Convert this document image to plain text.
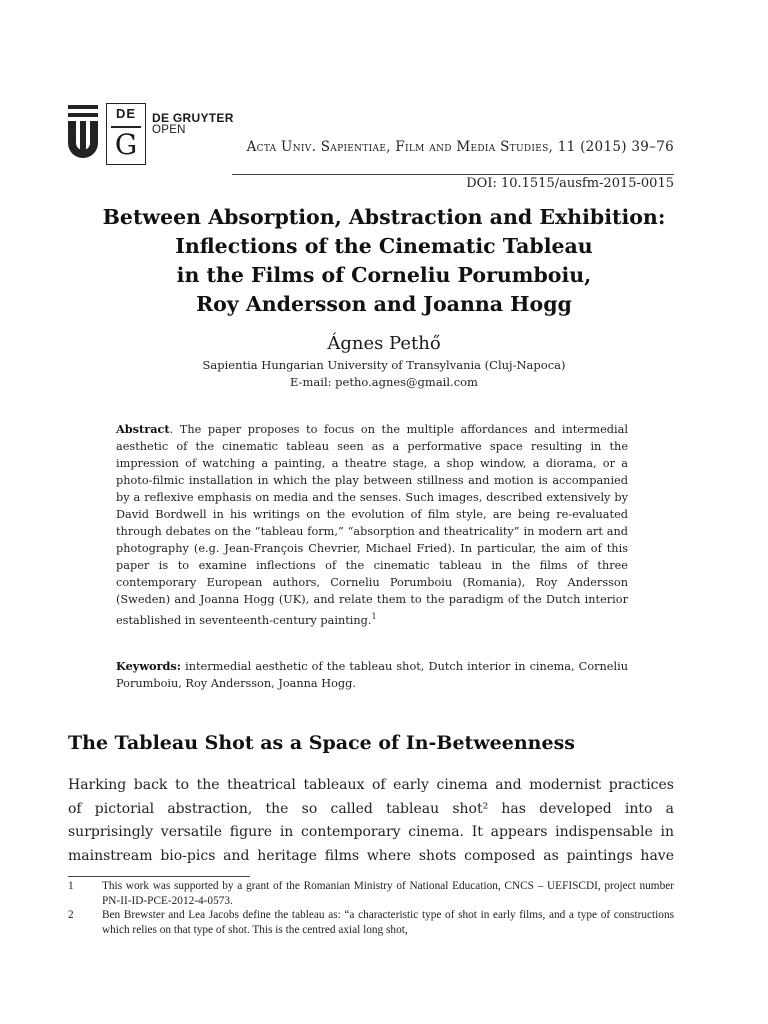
DE
G
DE GRUYTER
OPEN
Acta Univ. Sapientiae, Film and Media Studies, 11 (2015) 39–76
DOI: 10.1515/ausfm-2015-0015
Between Absorption, Abstraction and Exhibition:
Inflections of the Cinematic Tableau
in the Films of Corneliu Porumboiu,
Roy Andersson and Joanna Hogg
Ágnes Pethő
Sapientia Hungarian University of Transylvania (Cluj-Napoca)
E-mail: petho.agnes@gmail.com
Abstract. The paper proposes to focus on the multiple affordances and intermedial aesthetic of the cinematic tableau seen as a performative space resulting in the impression of watching a painting, a theatre stage, a shop window, a diorama, or a photo-filmic installation in which the play between stillness and motion is accompanied by a reflexive emphasis on media and the senses. Such images, described extensively by David Bordwell in his writings on the evolution of film style, are being re-evaluated through debates on the “tableau form,” “absorption and theatricality” in modern art and photography (e.g. Jean-François Chevrier, Michael Fried). In particular, the aim of this paper is to examine inflections of the cinematic tableau in the films of three contemporary European authors, Corneliu Porumboiu (Romania), Roy Andersson (Sweden) and Joanna Hogg (UK), and relate them to the paradigm of the Dutch interior established in seventeenth-century painting.$^1$
Keywords: intermedial aesthetic of the tableau shot, Dutch interior in cinema, Corneliu Porumboiu, Roy Andersson, Joanna Hogg.
The Tableau Shot as a Space of In-Betweenness
Harking back to the theatrical tableaux of early cinema and modernist practices
of pictorial abstraction, the so called tableau shot² has developed into a
surprisingly versatile figure in contemporary cinema. It appears indispensable in
mainstream bio-pics and heritage films where shots composed as paintings have
1	This work was supported by a grant of the Romanian Ministry of National Education, CNCS – UEFISCDI, project number PN-II-ID-PCE-2012-4-0573.
2	Ben Brewster and Lea Jacobs define the tableau as: “a characteristic type of shot in early films, and a type of constructions which relies on that type of shot. This is the centred axial long shot,
